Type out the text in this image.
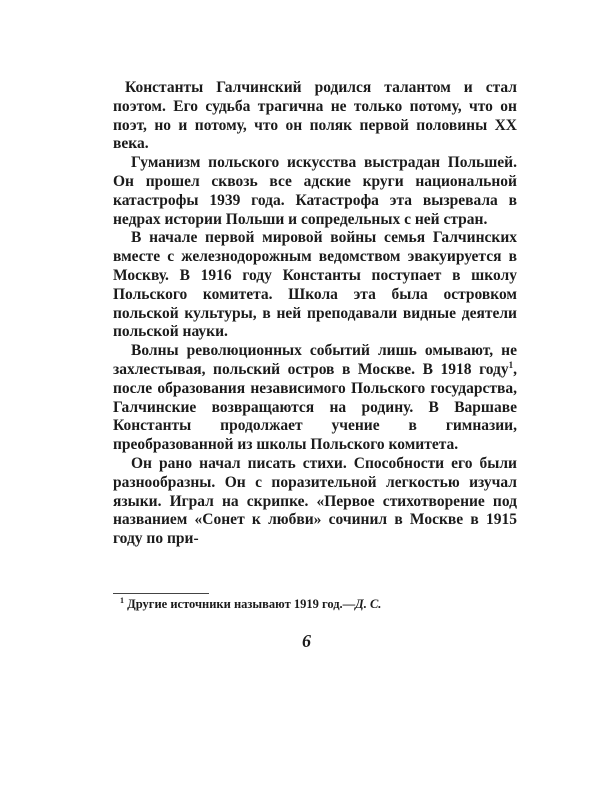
Константы Галчинский родился талантом и стал поэтом. Его судьба трагична не только потому, что он поэт, но и потому, что он поляк первой половины XX века.

Гуманизм польского искусства выстрадан Польшей. Он прошел сквозь все адские круги национальной катастрофы 1939 года. Катастрофа эта вызревала в недрах истории Польши и сопредельных с ней стран.

В начале первой мировой войны семья Галчинских вместе с железнодорожным ведомством эвакуируется в Москву. В 1916 году Константы поступает в школу Польского комитета. Школа эта была островком польской культуры, в ней преподавали видные деятели польской науки.

Волны революционных событий лишь омывают, не захлестывая, польский остров в Москве. В 1918 году$^1$, после образования независимого Польского государства, Галчинские возвращаются на родину. В Варшаве Константы продолжает учение в гимназии, преобразованной из школы Польского комитета.

Он рано начал писать стихи. Способности его были разнообразны. Он с поразительной легкостью изучал языки. Играл на скрипке. «Первое стихотворение под названием «Сонет к любви» сочинил в Москве в 1915 году по при-

$^1$ Другие источники называют 1919 год.—Д. С.
6
